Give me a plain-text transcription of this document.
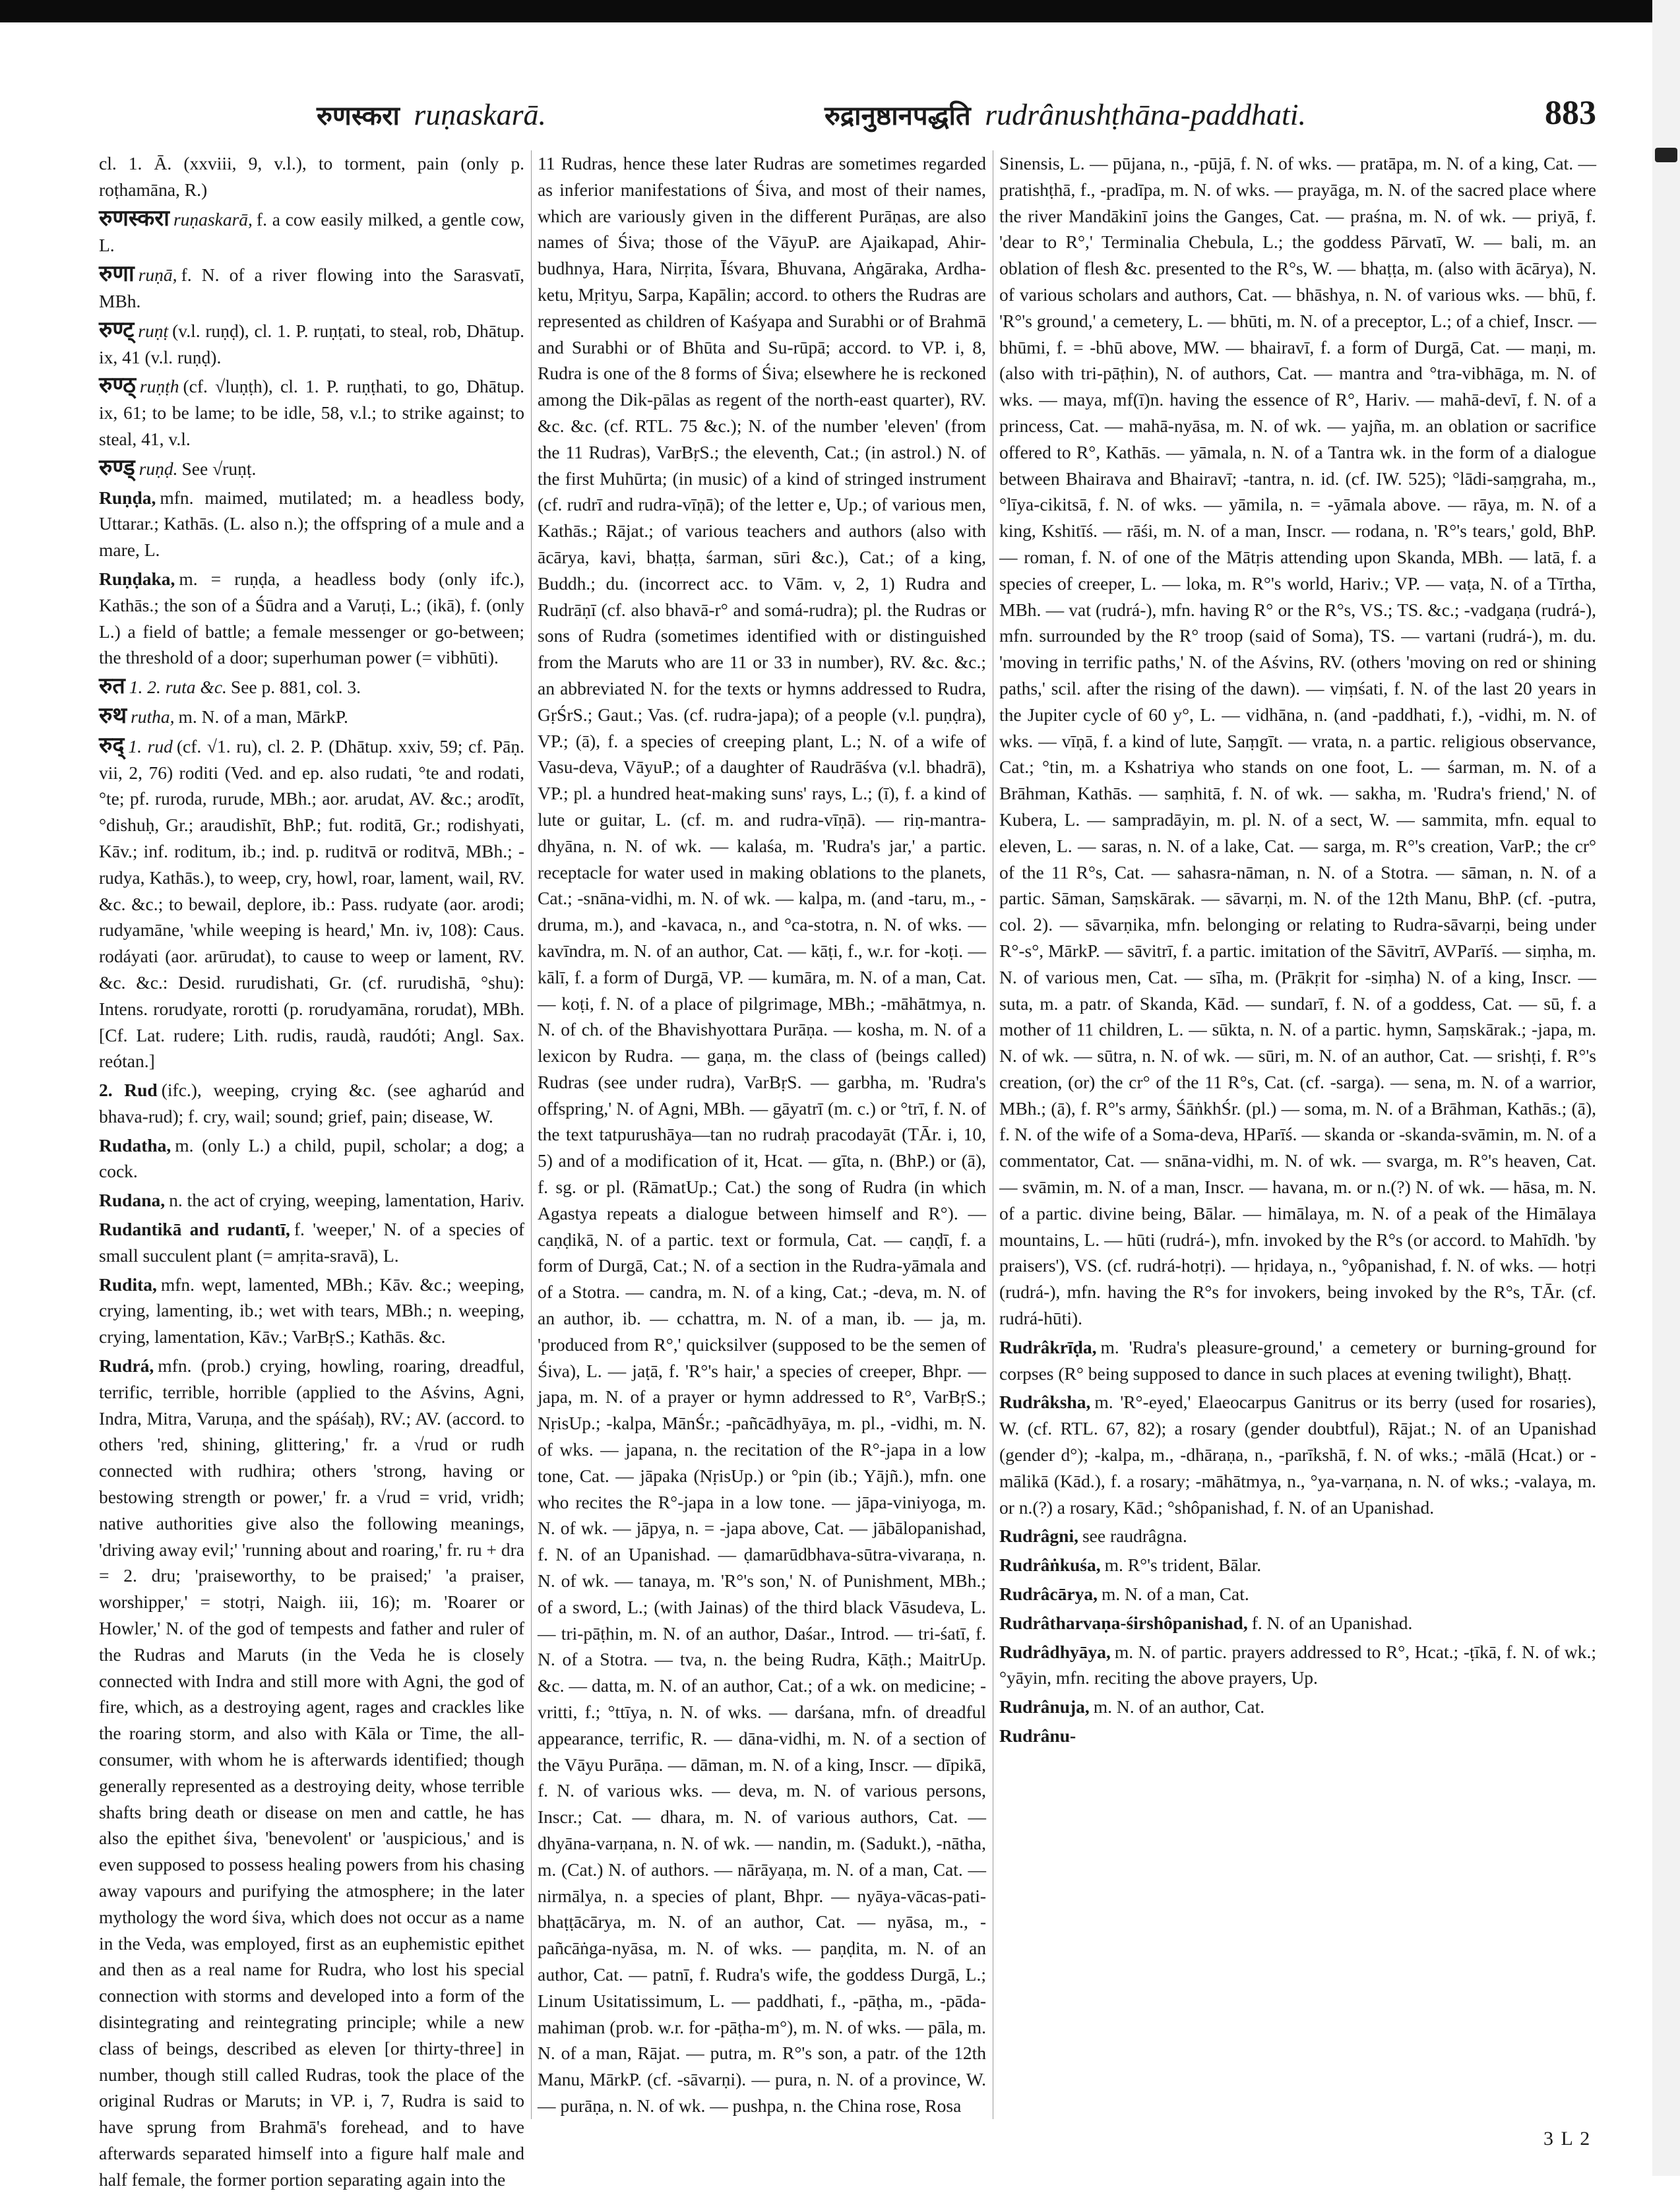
रुणस्करा ruṇaskarā.	रुद्रानुष्ठानपद्धति rudrânushṭhāna-paddhati.	883

cl. 1. Ā. (xxviii, 9, v.l.), to torment, pain (only p. roṭhamāna, R.)

रुणस्करा ruṇaskarā, f. a cow easily milked, a gentle cow, L.

रुणा ruṇā, f. N. of a river flowing into the Sarasvatī, MBh.

रुण्ट् ruṇṭ (v.l. ruṇḍ), cl. 1. P. ruṇṭati, to steal, rob, Dhātup. ix, 41 (v.l. ruṇḍ).

रुण्ठ् ruṇṭh (cf. √luṇṭh), cl. 1. P. ruṇṭhati, to go, Dhātup. ix, 61; to be lame; to be idle, 58, v.l.; to strike against; to steal, 41, v.l.

रुण्ड् ruṇḍ. See √ruṇṭ.

Ruṇḍa, mfn. maimed, mutilated; m. a headless body, Uttarar.; Kathās. (L. also n.); the offspring of a mule and a mare, L.

Ruṇḍaka, m. = ruṇḍa, a headless body (only ifc.), Kathās.; the son of a Śūdra and a Varuṭi, L.; (ikā), f. (only L.) a field of battle; a female messenger or go-between; the threshold of a door; superhuman power (= vibhūti).

रुत 1. 2. ruta &c. See p. 881, col. 3.

रुथ rutha, m. N. of a man, MārkP.

रुद् 1. rud (cf. √1. ru), cl. 2. P. (Dhātup. xxiv, 59; cf. Pāṇ. vii, 2, 76) roditi (Ved. and ep. also rudati, °te and rodati, °te; pf. ruroda, rurude, MBh.; aor. arudat, AV. &c.; arodīt, °dishuḥ, Gr.; araudishīt, BhP.; fut. roditā, Gr.; rodishyati, Kāv.; inf. roditum, ib.; ind. p. ruditvā or roditvā, MBh.; -rudya, Kathās.), to weep, cry, howl, roar, lament, wail, RV. &c. &c.; to bewail, deplore, ib.: Pass. rudyate (aor. arodi; rudyamāne, 'while weeping is heard,' Mn. iv, 108): Caus. rodáyati (aor. arūrudat), to cause to weep or lament, RV. &c. &c.: Desid. rurudishati, Gr. (cf. rurudishā, °shu): Intens. rorudyate, rorotti (p. rorudyamāna, rorudat), MBh. [Cf. Lat. rudere; Lith. rudis, raudà, raudóti; Angl. Sax. reótan.]

2. Rud (ifc.), weeping, crying &c. (see agharúd and bhava-rud); f. cry, wail; sound; grief, pain; disease, W.

Rudatha, m. (only L.) a child, pupil, scholar; a dog; a cock.

Rudana, n. the act of crying, weeping, lamentation, Hariv.

Rudantikā and rudantī, f. 'weeper,' N. of a species of small succulent plant (= amṛita-sravā), L.

Rudita, mfn. wept, lamented, MBh.; Kāv. &c.; weeping, crying, lamenting, ib.; wet with tears, MBh.; n. weeping, crying, lamentation, Kāv.; VarBṛS.; Kathās. &c.

Rudrá, mfn. (prob.) crying, howling, roaring, dreadful, terrific, terrible, horrible (applied to the Aśvins, Agni, Indra, Mitra, Varuṇa, and the spáśaḥ), RV.; AV. (accord. to others 'red, shining, glittering,' fr. a √rud or rudh connected with rudhira; others 'strong, having or bestowing strength or power,' fr. a √rud = vrid, vridh; native authorities give also the following meanings, 'driving away evil;' 'running about and roaring,' fr. ru + dra = 2. dru; 'praiseworthy, to be praised;' 'a praiser, worshipper,' = stotṛi, Naigh. iii, 16); m. 'Roarer or Howler,' N. of the god of tempests and father and ruler of the Rudras and Maruts (in the Veda he is closely connected with Indra and still more with Agni, the god of fire, which, as a destroying agent, rages and crackles like the roaring storm, and also with Kāla or Time, the all-consumer, with whom he is afterwards identified; though generally represented as a destroying deity, whose terrible shafts bring death or disease on men and cattle, he has also the epithet śiva, 'benevolent' or 'auspicious,' and is even supposed to possess healing powers from his chasing away vapours and purifying the atmosphere; in the later mythology the word śiva, which does not occur as a name in the Veda, was employed, first as an euphemistic epithet and then as a real name for Rudra, who lost his special connection with storms and developed into a form of the disintegrating and reintegrating principle; while a new class of beings, described as eleven [or thirty-three] in number, though still called Rudras, took the place of the original Rudras or Maruts; in VP. i, 7, Rudra is said to have sprung from Brahmā's forehead, and to have afterwards separated himself into a figure half male and half female, the former portion separating again into the

11 Rudras, hence these later Rudras are sometimes regarded as inferior manifestations of Śiva, and most of their names, which are variously given in the different Purāṇas, are also names of Śiva; those of the VāyuP. are Ajaikapad, Ahir-budhnya, Hara, Nirṛita, Īśvara, Bhuvana, Aṅgāraka, Ardha-ketu, Mṛityu, Sarpa, Kapālin; accord. to others the Rudras are represented as children of Kaśyapa and Surabhi or of Brahmā and Surabhi or of Bhūta and Su-rūpā; accord. to VP. i, 8, Rudra is one of the 8 forms of Śiva; elsewhere he is reckoned among the Dik-pālas as regent of the north-east quarter), RV. &c. &c. (cf. RTL. 75 &c.); N. of the number 'eleven' (from the 11 Rudras), VarBṛS.; the eleventh, Cat.; (in astrol.) N. of the first Muhūrta; (in music) of a kind of stringed instrument (cf. rudrī and rudra-vīṇā); of the letter e, Up.; of various men, Kathās.; Rājat.; of various teachers and authors (also with ācārya, kavi, bhaṭṭa, śarman, sūri &c.), Cat.; of a king, Buddh.; du. (incorrect acc. to Vām. v, 2, 1) Rudra and Rudrāṇī (cf. also bhavā-r° and somá-rudra); pl. the Rudras or sons of Rudra (sometimes identified with or distinguished from the Maruts who are 11 or 33 in number), RV. &c. &c.; an abbreviated N. for the texts or hymns addressed to Rudra, GṛŚrS.; Gaut.; Vas. (cf. rudra-japa); of a people (v.l. puṇḍra), VP.; (ā), f. a species of creeping plant, L.; N. of a wife of Vasu-deva, VāyuP.; of a daughter of Raudrāśva (v.l. bhadrā), VP.; pl. a hundred heat-making suns' rays, L.; (ī), f. a kind of lute or guitar, L. (cf. m. and rudra-vīṇā). — riṇ-mantra-dhyāna, n. N. of wk. — kalaśa, m. 'Rudra's jar,' a partic. receptacle for water used in making oblations to the planets, Cat.; -snāna-vidhi, m. N. of wk. — kalpa, m. (and -taru, m., -druma, m.), and -kavaca, n., and °ca-stotra, n. N. of wks. — kavīndra, m. N. of an author, Cat. — kāṭi, f., w.r. for -koṭi. — kālī, f. a form of Durgā, VP. — kumāra, m. N. of a man, Cat. — koṭi, f. N. of a place of pilgrimage, MBh.; -māhātmya, n. N. of ch. of the Bhavishyottara Purāṇa. — kosha, m. N. of a lexicon by Rudra. — gaṇa, m. the class of (beings called) Rudras (see under rudra), VarBṛS. — garbha, m. 'Rudra's offspring,' N. of Agni, MBh. — gāyatrī (m. c.) or °trī, f. N. of the text tatpurushāya—tan no rudraḥ pracodayāt (TĀr. i, 10, 5) and of a modification of it, Hcat. — gīta, n. (BhP.) or (ā), f. sg. or pl. (RāmatUp.; Cat.) the song of Rudra (in which Agastya repeats a dialogue between himself and R°). — caṇḍikā, N. of a partic. text or formula, Cat. — caṇḍī, f. a form of Durgā, Cat.; N. of a section in the Rudra-yāmala and of a Stotra. — candra, m. N. of a king, Cat.; -deva, m. N. of an author, ib. — cchattra, m. N. of a man, ib. — ja, m. 'produced from R°,' quicksilver (supposed to be the semen of Śiva), L. — jaṭā, f. 'R°'s hair,' a species of creeper, Bhpr. — japa, m. N. of a prayer or hymn addressed to R°, VarBṛS.; NṛisUp.; -kalpa, MānŚr.; -pañcādhyāya, m. pl., -vidhi, m. N. of wks. — japana, n. the recitation of the R°-japa in a low tone, Cat. — jāpaka (NṛisUp.) or °pin (ib.; Yājñ.), mfn. one who recites the R°-japa in a low tone. — jāpa-viniyoga, m. N. of wk. — jāpya, n. = -japa above, Cat. — jābālopanishad, f. N. of an Upanishad. — ḍamarūdbhava-sūtra-vivaraṇa, n. N. of wk. — tanaya, m. 'R°'s son,' N. of Punishment, MBh.; of a sword, L.; (with Jainas) of the third black Vāsudeva, L. — tri-pāṭhin, m. N. of an author, Daśar., Introd. — tri-śatī, f. N. of a Stotra. — tva, n. the being Rudra, Kāṭh.; MaitrUp. &c. — datta, m. N. of an author, Cat.; of a wk. on medicine; -vritti, f.; °ttīya, n. N. of wks. — darśana, mfn. of dreadful appearance, terrific, R. — dāna-vidhi, m. N. of a section of the Vāyu Purāṇa. — dāman, m. N. of a king, Inscr. — dīpikā, f. N. of various wks. — deva, m. N. of various persons, Inscr.; Cat. — dhara, m. N. of various authors, Cat. — dhyāna-varṇana, n. N. of wk. — nandin, m. (Sadukt.), -nātha, m. (Cat.) N. of authors. — nārāyaṇa, m. N. of a man, Cat. — nirmālya, n. a species of plant, Bhpr. — nyāya-vācas-pati-bhaṭṭācārya, m. N. of an author, Cat. — nyāsa, m., -pañcāṅga-nyāsa, m. N. of wks. — paṇḍita, m. N. of an author, Cat. — patnī, f. Rudra's wife, the goddess Durgā, L.; Linum Usitatissimum, L. — paddhati, f., -pāṭha, m., -pāda-mahiman (prob. w.r. for -pāṭha-m°), m. N. of wks. — pāla, m. N. of a man, Rājat. — putra, m. R°'s son, a patr. of the 12th Manu, MārkP. (cf. -sāvarṇi). — pura, n. N. of a province, W. — purāṇa, n. N. of wk. — pushpa, n. the China rose, Rosa

Sinensis, L. — pūjana, n., -pūjā, f. N. of wks. — pratāpa, m. N. of a king, Cat. — pratishṭhā, f., -pradīpa, m. N. of wks. — prayāga, m. N. of the sacred place where the river Mandākinī joins the Ganges, Cat. — praśna, m. N. of wk. — priyā, f. 'dear to R°,' Terminalia Chebula, L.; the goddess Pārvatī, W. — bali, m. an oblation of flesh &c. presented to the R°s, W. — bhaṭṭa, m. (also with ācārya), N. of various scholars and authors, Cat. — bhāshya, n. N. of various wks. — bhū, f. 'R°'s ground,' a cemetery, L. — bhūti, m. N. of a preceptor, L.; of a chief, Inscr. — bhūmi, f. = -bhū above, MW. — bhairavī, f. a form of Durgā, Cat. — maṇi, m. (also with tri-pāṭhin), N. of authors, Cat. — mantra and °tra-vibhāga, m. N. of wks. — maya, mf(ī)n. having the essence of R°, Hariv. — mahā-devī, f. N. of a princess, Cat. — mahā-nyāsa, m. N. of wk. — yajña, m. an oblation or sacrifice offered to R°, Kathās. — yāmala, n. N. of a Tantra wk. in the form of a dialogue between Bhairava and Bhairavī; -tantra, n. id. (cf. IW. 525); °lādi-saṃgraha, m., °līya-cikitsā, f. N. of wks. — yāmila, n. = -yāmala above. — rāya, m. N. of a king, Kshitīś. — rāśi, m. N. of a man, Inscr. — rodana, n. 'R°'s tears,' gold, BhP. — roman, f. N. of one of the Mātṛis attending upon Skanda, MBh. — latā, f. a species of creeper, L. — loka, m. R°'s world, Hariv.; VP. — vaṭa, N. of a Tīrtha, MBh. — vat (rudrá-), mfn. having R° or the R°s, VS.; TS. &c.; -vadgaṇa (rudrá-), mfn. surrounded by the R° troop (said of Soma), TS. — vartani (rudrá-), m. du. 'moving in terrific paths,' N. of the Aśvins, RV. (others 'moving on red or shining paths,' scil. after the rising of the dawn). — viṃśati, f. N. of the last 20 years in the Jupiter cycle of 60 y°, L. — vidhāna, n. (and -paddhati, f.), -vidhi, m. N. of wks. — vīṇā, f. a kind of lute, Saṃgīt. — vrata, n. a partic. religious observance, Cat.; °tin, m. a Kshatriya who stands on one foot, L. — śarman, m. N. of a Brāhman, Kathās. — saṃhitā, f. N. of wk. — sakha, m. 'Rudra's friend,' N. of Kubera, L. — sampradāyin, m. pl. N. of a sect, W. — sammita, mfn. equal to eleven, L. — saras, n. N. of a lake, Cat. — sarga, m. R°'s creation, VarP.; the cr° of the 11 R°s, Cat. — sahasra-nāman, n. N. of a Stotra. — sāman, n. N. of a partic. Sāman, Saṃskārak. — sāvarṇi, m. N. of the 12th Manu, BhP. (cf. -putra, col. 2). — sāvarṇika, mfn. belonging or relating to Rudra-sāvarṇi, being under R°-s°, MārkP. — sāvitrī, f. a partic. imitation of the Sāvitrī, AVParīś. — siṃha, m. N. of various men, Cat. — sīha, m. (Prākṛit for -siṃha) N. of a king, Inscr. — suta, m. a patr. of Skanda, Kād. — sundarī, f. N. of a goddess, Cat. — sū, f. a mother of 11 children, L. — sūkta, n. N. of a partic. hymn, Saṃskārak.; -japa, m. N. of wk. — sūtra, n. N. of wk. — sūri, m. N. of an author, Cat. — srishṭi, f. R°'s creation, (or) the cr° of the 11 R°s, Cat. (cf. -sarga). — sena, m. N. of a warrior, MBh.; (ā), f. R°'s army, ŚāṅkhŚr. (pl.) — soma, m. N. of a Brāhman, Kathās.; (ā), f. N. of the wife of a Soma-deva, HParīś. — skanda or -skanda-svāmin, m. N. of a commentator, Cat. — snāna-vidhi, m. N. of wk. — svarga, m. R°'s heaven, Cat. — svāmin, m. N. of a man, Inscr. — havana, m. or n.(?) N. of wk. — hāsa, m. N. of a partic. divine being, Bālar. — himālaya, m. N. of a peak of the Himālaya mountains, L. — hūti (rudrá-), mfn. invoked by the R°s (or accord. to Mahīdh. 'by praisers'), VS. (cf. rudrá-hotṛi). — hṛidaya, n., °yôpanishad, f. N. of wks. — hotṛi (rudrá-), mfn. having the R°s for invokers, being invoked by the R°s, TĀr. (cf. rudrá-hūti).

Rudrâkrīḍa, m. 'Rudra's pleasure-ground,' a cemetery or burning-ground for corpses (R° being supposed to dance in such places at evening twilight), Bhaṭṭ.

Rudrâksha, m. 'R°-eyed,' Elaeocarpus Ganitrus or its berry (used for rosaries), W. (cf. RTL. 67, 82); a rosary (gender doubtful), Rājat.; N. of an Upanishad (gender d°); -kalpa, m., -dhāraṇa, n., -parīkshā, f. N. of wks.; -mālā (Hcat.) or -mālikā (Kād.), f. a rosary; -māhātmya, n., °ya-varṇana, n. N. of wks.; -valaya, m. or n.(?) a rosary, Kād.; °shôpanishad, f. N. of an Upanishad.

Rudrâgni, see raudrâgna.

Rudrâṅkuśa, m. R°'s trident, Bālar.

Rudrâcārya, m. N. of a man, Cat.

Rudrâtharvaṇa-śirshôpanishad, f. N. of an Upanishad.

Rudrâdhyāya, m. N. of partic. prayers addressed to R°, Hcat.; -ṭīkā, f. N. of wk.; °yāyin, mfn. reciting the above prayers, Up.

Rudrânuja, m. N. of an author, Cat.

Rudrânu-

3 L 2
